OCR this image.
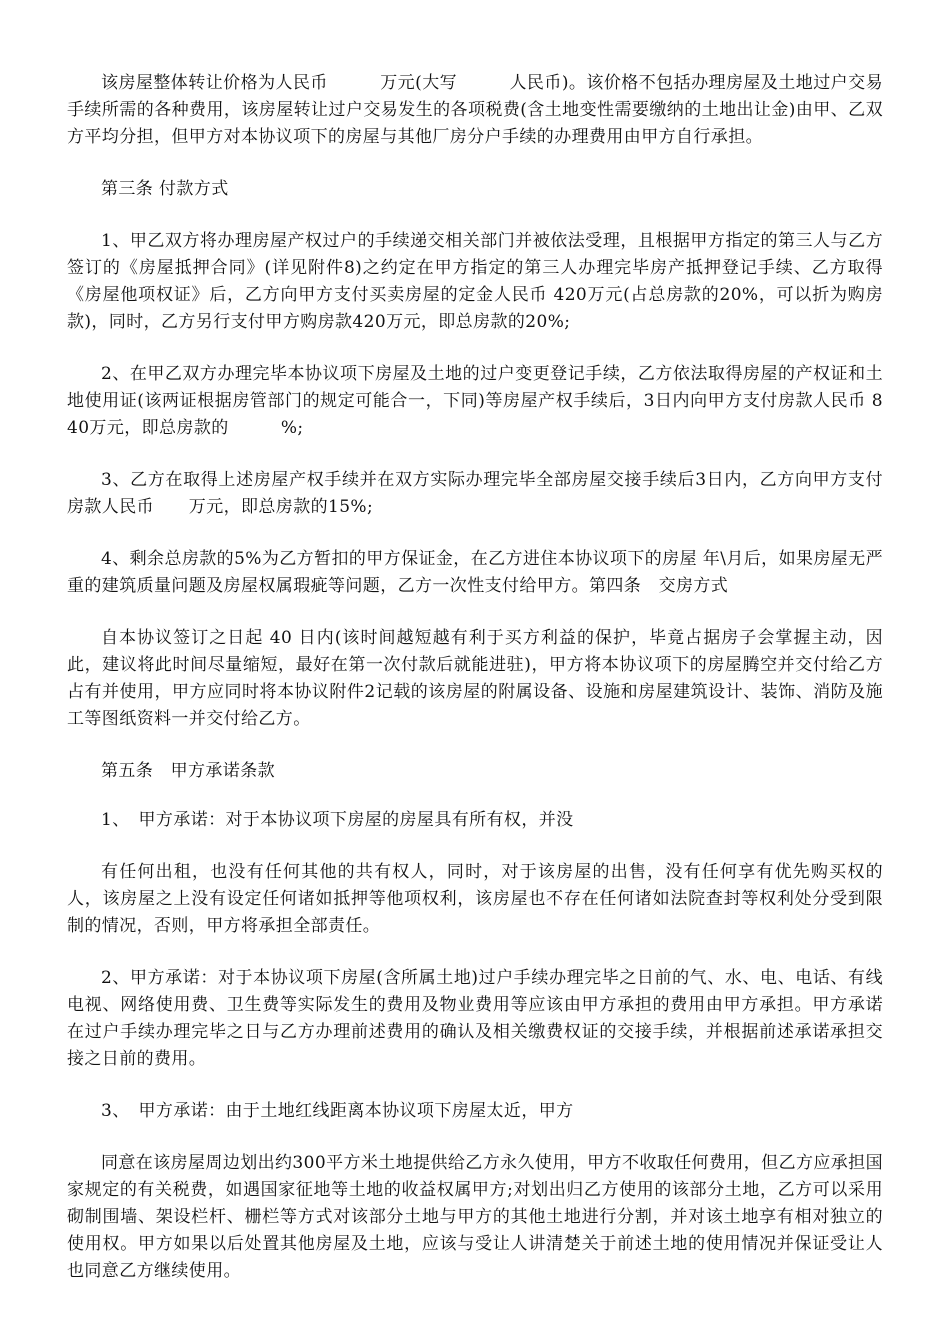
该房屋整体转让价格为人民币　　　万元(大写　　　人民币)。该价格不包括办理房屋及土地过户交易手续所需的各种费用，该房屋转让过户交易发生的各项税费(含土地变性需要缴纳的土地出让金)由甲、乙双方平均分担，但甲方对本协议项下的房屋与其他厂房分户手续的办理费用由甲方自行承担。

第三条 付款方式

1、甲乙双方将办理房屋产权过户的手续递交相关部门并被依法受理，且根据甲方指定的第三人与乙方签订的《房屋抵押合同》(详见附件8)之约定在甲方指定的第三人办理完毕房产抵押登记手续、乙方取得《房屋他项权证》后，乙方向甲方支付买卖房屋的定金人民币 420万元(占总房款的20%，可以折为购房款)，同时，乙方另行支付甲方购房款420万元，即总房款的20%;

2、在甲乙双方办理完毕本协议项下房屋及土地的过户变更登记手续，乙方依法取得房屋的产权证和土地使用证(该两证根据房管部门的规定可能合一，下同)等房屋产权手续后，3日内向甲方支付房款人民币 840万元，即总房款的　　　%;

3、乙方在取得上述房屋产权手续并在双方实际办理完毕全部房屋交接手续后3日内，乙方向甲方支付房款人民币　　万元，即总房款的15%;

4、剩余总房款的5%为乙方暂扣的甲方保证金，在乙方进住本协议项下的房屋 年\月后，如果房屋无严重的建筑质量问题及房屋权属瑕疵等问题，乙方一次性支付给甲方。第四条　交房方式

自本协议签订之日起 40 日内(该时间越短越有利于买方利益的保护，毕竟占据房子会掌握主动，因此，建议将此时间尽量缩短，最好在第一次付款后就能进驻)，甲方将本协议项下的房屋腾空并交付给乙方占有并使用，甲方应同时将本协议附件2记载的该房屋的附属设备、设施和房屋建筑设计、装饰、消防及施工等图纸资料一并交付给乙方。

第五条　甲方承诺条款

1、　甲方承诺：对于本协议项下房屋的房屋具有所有权，并没

有任何出租，也没有任何其他的共有权人，同时，对于该房屋的出售，没有任何享有优先购买权的人，该房屋之上没有设定任何诸如抵押等他项权利，该房屋也不存在任何诸如法院查封等权利处分受到限制的情况，否则，甲方将承担全部责任。

2、甲方承诺：对于本协议项下房屋(含所属土地)过户手续办理完毕之日前的气、水、电、电话、有线电视、网络使用费、卫生费等实际发生的费用及物业费用等应该由甲方承担的费用由甲方承担。甲方承诺在过户手续办理完毕之日与乙方办理前述费用的确认及相关缴费权证的交接手续，并根据前述承诺承担交接之日前的费用。

3、　甲方承诺：由于土地红线距离本协议项下房屋太近，甲方

同意在该房屋周边划出约300平方米土地提供给乙方永久使用，甲方不收取任何费用，但乙方应承担国家规定的有关税费，如遇国家征地等土地的收益权属甲方;对划出归乙方使用的该部分土地，乙方可以采用砌制围墙、架设栏杆、栅栏等方式对该部分土地与甲方的其他土地进行分割，并对该土地享有相对独立的使用权。甲方如果以后处置其他房屋及土地，应该与受让人讲清楚关于前述土地的使用情况并保证受让人也同意乙方继续使用。
